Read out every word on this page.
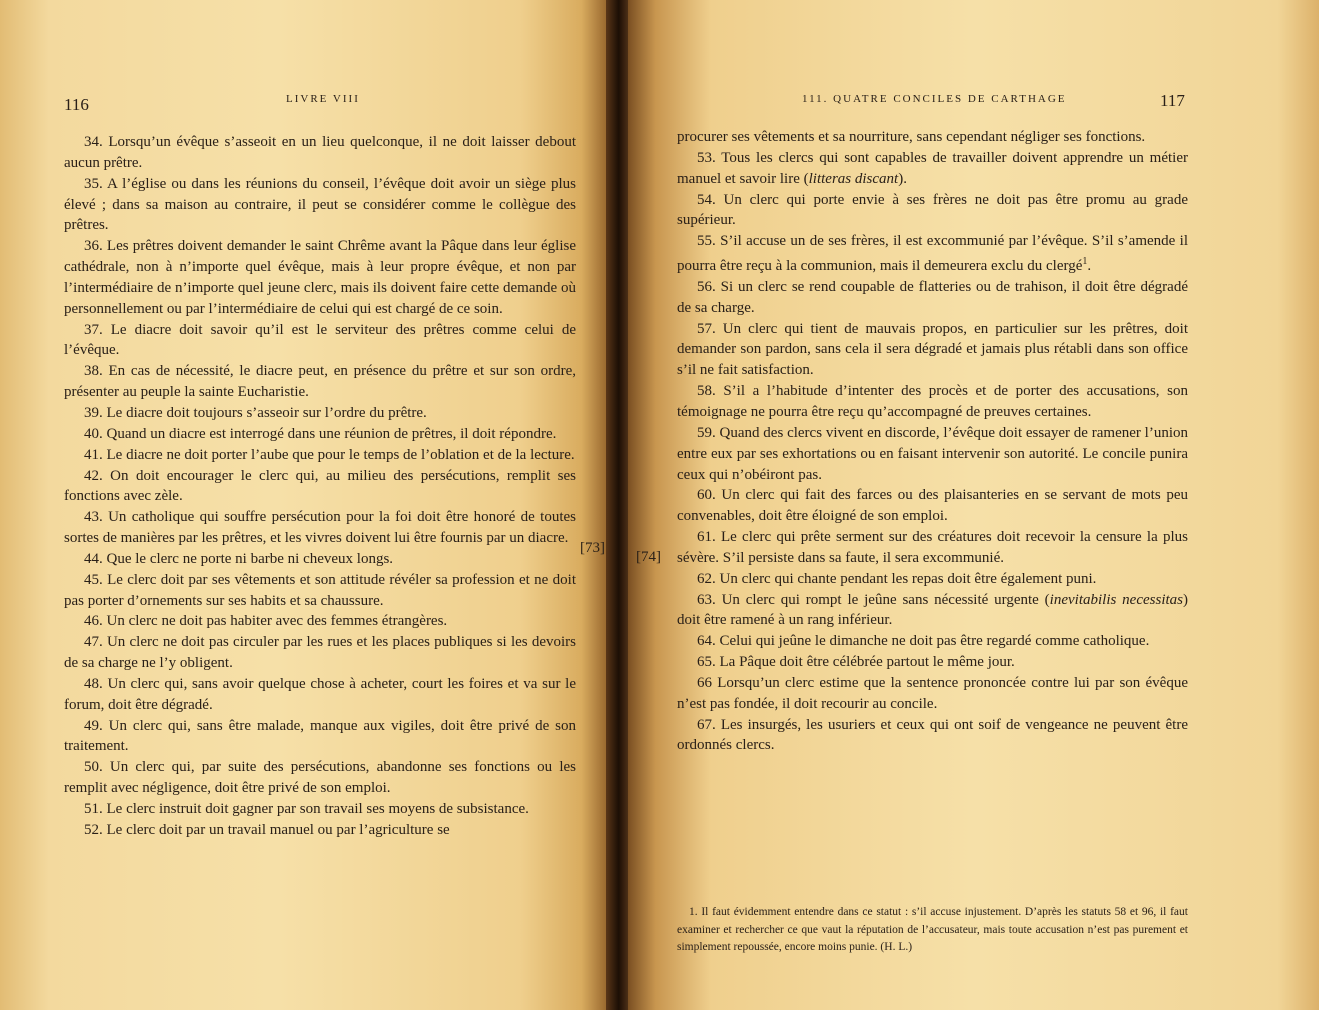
116	LIVRE VIII

34. Lorsqu’un évêque s’asseoit en un lieu quelconque, il ne doit laisser debout aucun prêtre.

35. A l’église ou dans les réunions du conseil, l’évêque doit avoir un siège plus élevé ; dans sa maison au contraire, il peut se considérer comme le collègue des prêtres.

36. Les prêtres doivent demander le saint Chrême avant la Pâque dans leur église cathédrale, non à n’importe quel évêque, mais à leur propre évêque, et non par l’intermédiaire de n’importe quel jeune clerc, mais ils doivent faire cette demande où personnellement ou par l’intermédiaire de celui qui est chargé de ce soin.

37. Le diacre doit savoir qu’il est le serviteur des prêtres comme celui de l’évêque.

38. En cas de nécessité, le diacre peut, en présence du prêtre et sur son ordre, présenter au peuple la sainte Eucharistie.

39. Le diacre doit toujours s’asseoir sur l’ordre du prêtre.

40. Quand un diacre est interrogé dans une réunion de prêtres, il doit répondre.

41. Le diacre ne doit porter l’aube que pour le temps de l’oblation et de la lecture.

42. On doit encourager le clerc qui, au milieu des persécutions, remplit ses fonctions avec zèle.

43. Un catholique qui souffre persécution pour la foi doit être honoré de toutes sortes de manières par les prêtres, et les vivres doivent lui être fournis par un diacre.

44. Que le clerc ne porte ni barbe ni cheveux longs.

45. Le clerc doit par ses vêtements et son attitude révéler sa profession et ne doit pas porter d’ornements sur ses habits et sa chaussure.

46. Un clerc ne doit pas habiter avec des femmes étrangères.

47. Un clerc ne doit pas circuler par les rues et les places publiques si les devoirs de sa charge ne l’y obligent.

48. Un clerc qui, sans avoir quelque chose à acheter, court les foires et va sur le forum, doit être dégradé.

49. Un clerc qui, sans être malade, manque aux vigiles, doit être privé de son traitement.

50. Un clerc qui, par suite des persécutions, abandonne ses fonctions ou les remplit avec négligence, doit être privé de son emploi.

51. Le clerc instruit doit gagner par son travail ses moyens de subsistance.

52. Le clerc doit par un travail manuel ou par l’agriculture se

[73]
111. QUATRE CONCILES DE CARTHAGE	117
[74]

procurer ses vêtements et sa nourriture, sans cependant négliger ses fonctions.

53. Tous les clercs qui sont capables de travailler doivent apprendre un métier manuel et savoir lire (litteras discant).

54. Un clerc qui porte envie à ses frères ne doit pas être promu au grade supérieur.

55. S’il accuse un de ses frères, il est excommunié par l’évêque. S’il s’amende il pourra être reçu à la communion, mais il demeurera exclu du clergé$^1$.

56. Si un clerc se rend coupable de flatteries ou de trahison, il doit être dégradé de sa charge.

57. Un clerc qui tient de mauvais propos, en particulier sur les prêtres, doit demander son pardon, sans cela il sera dégradé et jamais plus rétabli dans son office s’il ne fait satisfaction.

58. S’il a l’habitude d’intenter des procès et de porter des accusations, son témoignage ne pourra être reçu qu’accompagné de preuves certaines.

59. Quand des clercs vivent en discorde, l’évêque doit essayer de ramener l’union entre eux par ses exhortations ou en faisant intervenir son autorité. Le concile punira ceux qui n’obéiront pas.

60. Un clerc qui fait des farces ou des plaisanteries en se servant de mots peu convenables, doit être éloigné de son emploi.

61. Le clerc qui prête serment sur des créatures doit recevoir la censure la plus sévère. S’il persiste dans sa faute, il sera excommunié.

62. Un clerc qui chante pendant les repas doit être également puni.

63. Un clerc qui rompt le jeûne sans nécessité urgente (inevitabilis necessitas) doit être ramené à un rang inférieur.

64. Celui qui jeûne le dimanche ne doit pas être regardé comme catholique.

65. La Pâque doit être célébrée partout le même jour.

66 Lorsqu’un clerc estime que la sentence prononcée contre lui par son évêque n’est pas fondée, il doit recourir au concile.

67. Les insurgés, les usuriers et ceux qui ont soif de vengeance ne peuvent être ordonnés clercs.

1. Il faut évidemment entendre dans ce statut : s’il accuse injustement. D’après les statuts 58 et 96, il faut examiner et rechercher ce que vaut la réputation de l’accusateur, mais toute accusation n’est pas purement et simplement repoussée, encore moins punie. (H. L.)
